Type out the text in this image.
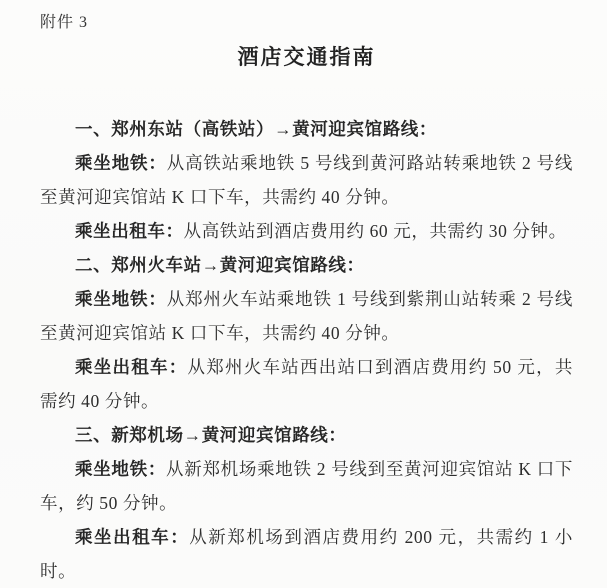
附件 3
酒店交通指南

一、郑州东站（高铁站）→黄河迎宾馆路线：

乘坐地铁：从高铁站乘地铁 5 号线到黄河路站转乘地铁 2 号线至黄河迎宾馆站 K 口下车，共需约 40 分钟。

乘坐出租车：从高铁站到酒店费用约 60 元，共需约 30 分钟。

二、郑州火车站→黄河迎宾馆路线：

乘坐地铁：从郑州火车站乘地铁 1 号线到紫荆山站转乘 2 号线至黄河迎宾馆站 K 口下车，共需约 40 分钟。

乘坐出租车：从郑州火车站西出站口到酒店费用约 50 元，共需约 40 分钟。

三、新郑机场→黄河迎宾馆路线：

乘坐地铁：从新郑机场乘地铁 2 号线到至黄河迎宾馆站 K 口下车，约 50 分钟。

乘坐出租车：从新郑机场到酒店费用约 200 元，共需约 1 小时。
